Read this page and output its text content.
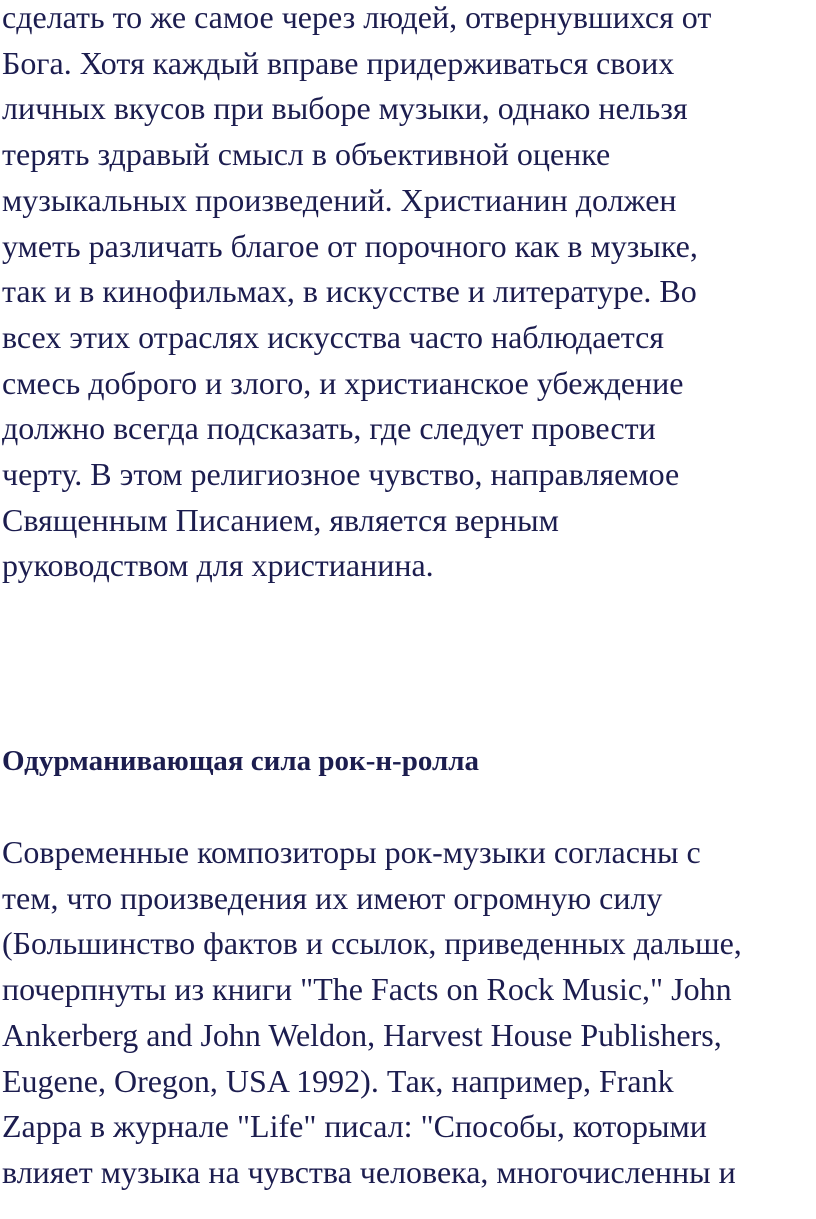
сделать то же самое через людей, отвернувшихся от
Бога. Хотя каждый вправе придерживаться своих
личных вкусов при выборе музыки, однако нельзя
терять здравый смысл в объективной оценке
музыкальных произведений. Христианин должен
уметь различать благое от порочного как в музыке,
так и в кинофильмах, в искусстве и литературе. Во
всех этих отраслях искусства часто наблюдается
смесь доброго и злого, и христианское убеждение
должно всегда подсказать, где следует провести
черту. В этом религиозное чувство, направляемое
Священным Писанием, является верным
руководством для христианина.
Одурманивающая сила рок-н-ролла
Современные композиторы рок-музыки согласны с
тем, что произведения их имеют огромную силу
(Большинство фактов и ссылок, приведенных дальше,
почерпнуты из книги "The Facts on Rock Music," John
Ankerberg and John Weldon, Harvest House Publishers,
Eugene, Oregon, USA 1992). Так, например, Frank
Zappa в журнале "Life" писал: "Способы, которыми
влияет музыка на чувства человека, многочисленны и
